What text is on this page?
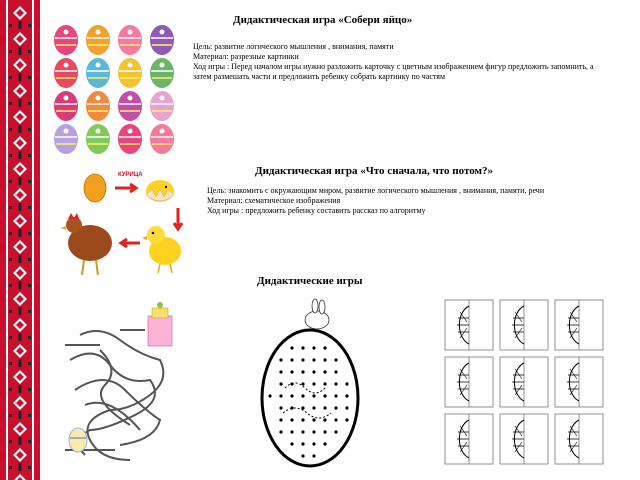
Дидактическая игра «Собери яйцо»
Цель: развитие логического мышления , внимания, памяти
Материал: разрезные картинки
Ход игры : Перед началом игры нужно разложить карточку с цветным изображением фигур предложить запомнить, а
затем размешать части и предложить ребенку собрать картинку по частям
Дидактическая игра «Что сначала, что потом?»
Цель: знакомить с окружающим миром, развитие логического мышления , внимания, памяти, речи
Материал: схематическое изображения
Ход игры : предложить ребенку составить рассказ по алгоритму
КУРИЦА
Дидактические игры
